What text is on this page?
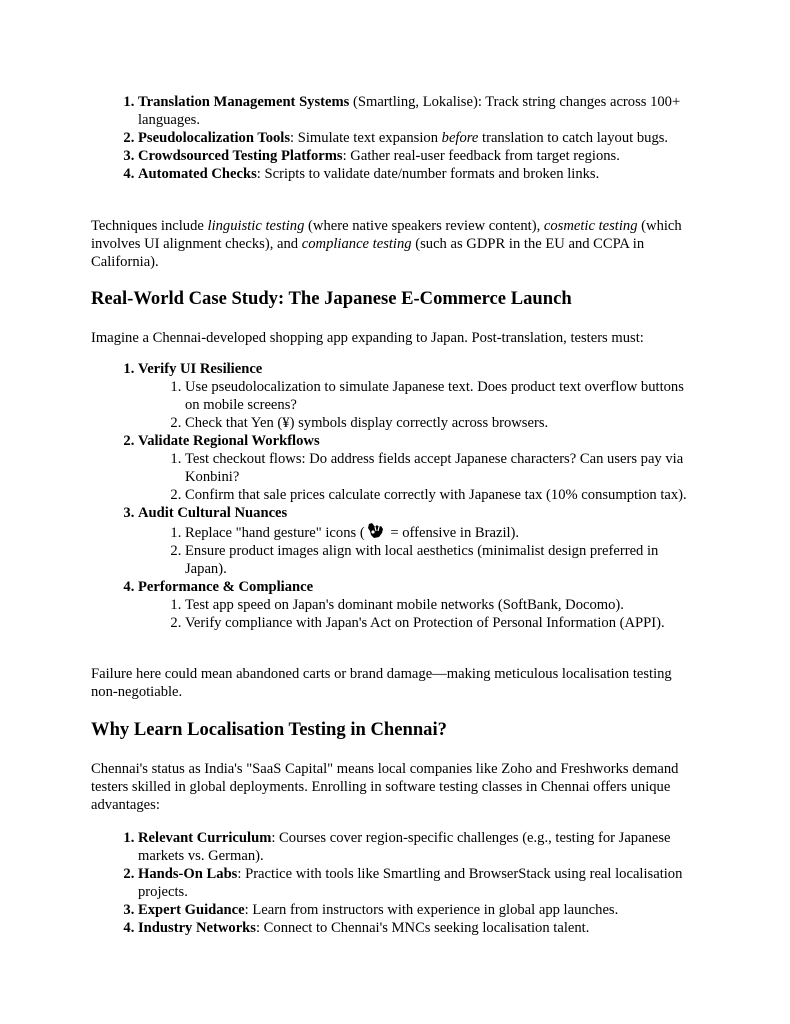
1. Translation Management Systems (Smartling, Lokalise): Track string changes across 100+ languages.
2. Pseudolocalization Tools: Simulate text expansion before translation to catch layout bugs.
3. Crowdsourced Testing Platforms: Gather real-user feedback from target regions.
4. Automated Checks: Scripts to validate date/number formats and broken links.

Techniques include linguistic testing (where native speakers review content), cosmetic testing (which involves UI alignment checks), and compliance testing (such as GDPR in the EU and CCPA in California).

Real-World Case Study: The Japanese E-Commerce Launch

Imagine a Chennai-developed shopping app expanding to Japan. Post-translation, testers must:

1. Verify UI Resilience
1. Use pseudolocalization to simulate Japanese text. Does product text overflow buttons on mobile screens?
2. Check that Yen (¥) symbols display correctly across browsers.
2. Validate Regional Workflows
1. Test checkout flows: Do address fields accept Japanese characters? Can users pay via Konbini?
2. Confirm that sale prices calculate correctly with Japanese tax (10% consumption tax).
3. Audit Cultural Nuances
1. Replace "hand gesture" icons ( = offensive in Brazil).
2. Ensure product images align with local aesthetics (minimalist design preferred in Japan).
4. Performance & Compliance
1. Test app speed on Japan's dominant mobile networks (SoftBank, Docomo).
2. Verify compliance with Japan's Act on Protection of Personal Information (APPI).

Failure here could mean abandoned carts or brand damage—making meticulous localisation testing non-negotiable.

Why Learn Localisation Testing in Chennai?

Chennai's status as India's "SaaS Capital" means local companies like Zoho and Freshworks demand testers skilled in global deployments. Enrolling in software testing classes in Chennai offers unique advantages:

1. Relevant Curriculum: Courses cover region-specific challenges (e.g., testing for Japanese markets vs. German).
2. Hands-On Labs: Practice with tools like Smartling and BrowserStack using real localisation projects.
3. Expert Guidance: Learn from instructors with experience in global app launches.
4. Industry Networks: Connect to Chennai's MNCs seeking localisation talent.
